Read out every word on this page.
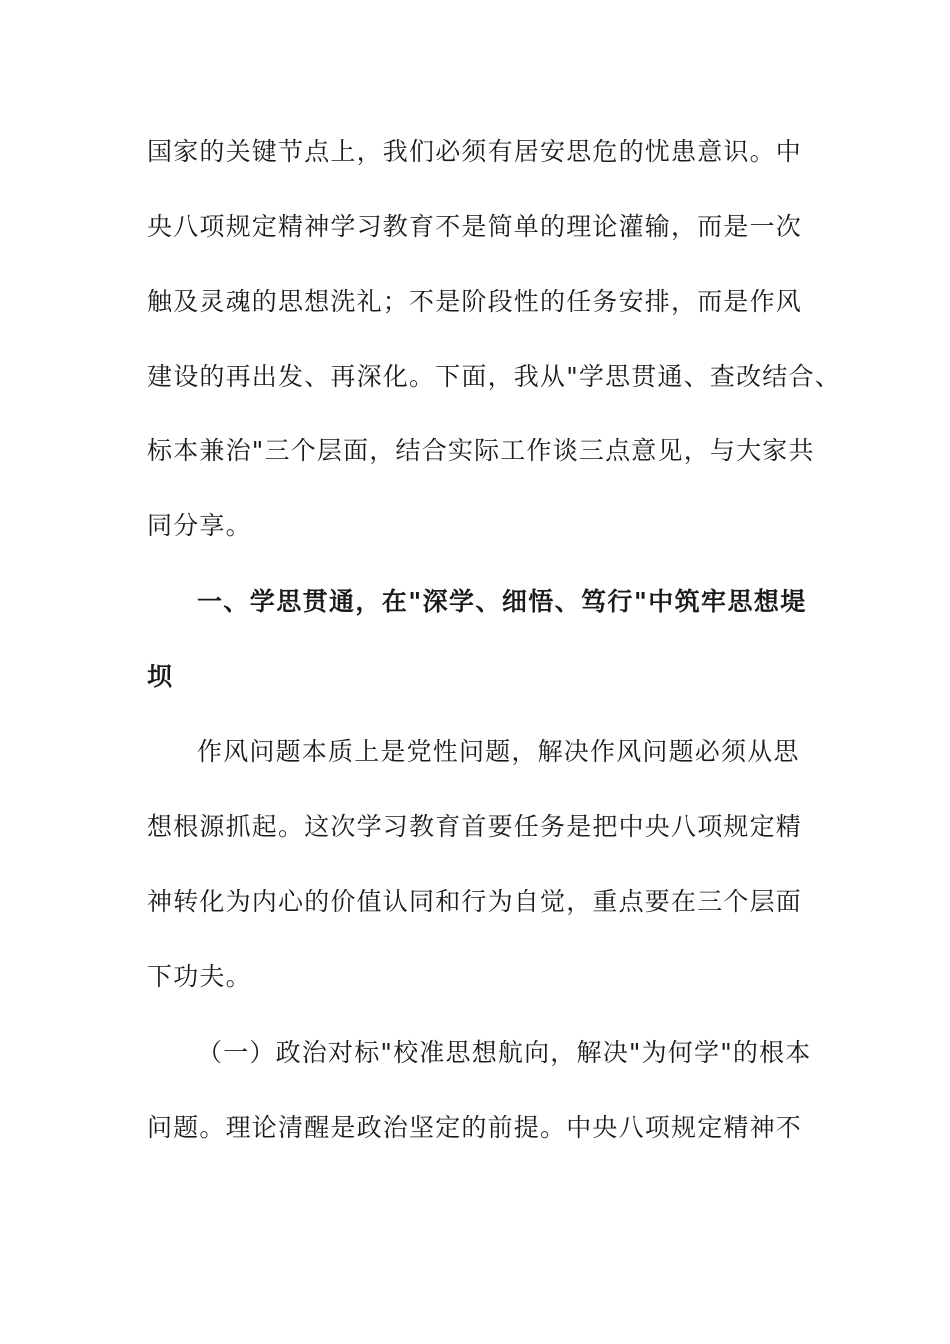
国家的关键节点上，我们必须有居安思危的忧患意识。中
央八项规定精神学习教育不是简单的理论灌输，而是一次
触及灵魂的思想洗礼；不是阶段性的任务安排，而是作风
建设的再出发、再深化。下面，我从"学思贯通、查改结合、
标本兼治"三个层面，结合实际工作谈三点意见，与大家共
同分享。
一、学思贯通，在"深学、细悟、笃行"中筑牢思想堤
坝
作风问题本质上是党性问题，解决作风问题必须从思
想根源抓起。这次学习教育首要任务是把中央八项规定精
神转化为内心的价值认同和行为自觉，重点要在三个层面
下功夫。
（一）政治对标"校准思想航向，解决"为何学"的根本
问题。理论清醒是政治坚定的前提。中央八项规定精神不
